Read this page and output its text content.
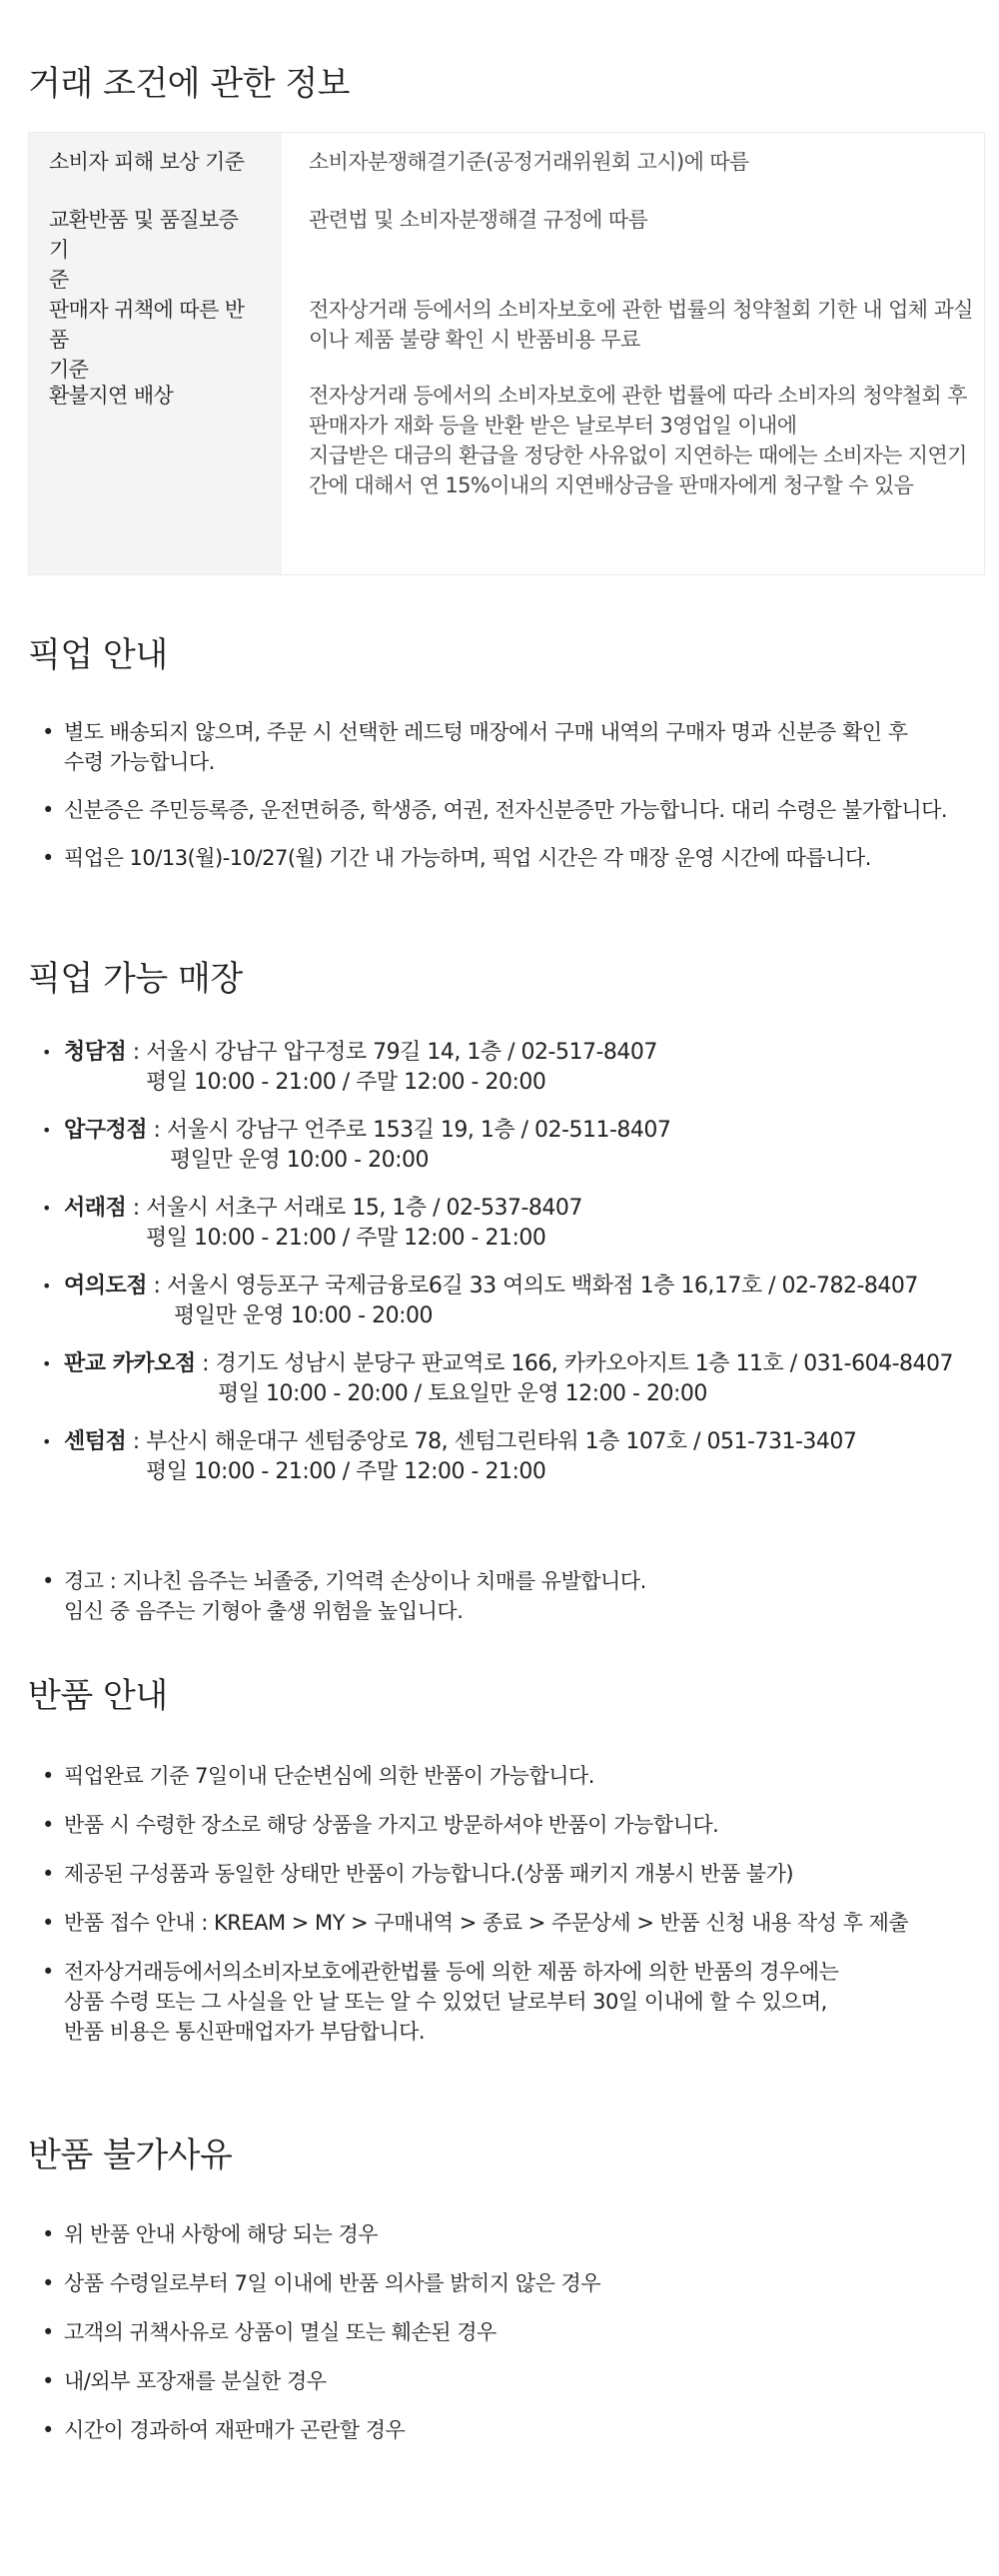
거래 조건에 관한 정보
소비자 피해 보상 기준	소비자분쟁해결기준(공정거래위원회 고시)에 따름
교환반품 및 품질보증 기
준
관련법 및 소비자분쟁해결 규정에 따름
판매자 귀책에 따른 반품
기준
전자상거래 등에서의 소비자보호에 관한 법률의 청약철회 기한 내 업체 과실
이나 제품 불량 확인 시 반품비용 무료
환불지연 배상	전자상거래 등에서의 소비자보호에 관한 법률에 따라 소비자의 청약철회 후
판매자가 재화 등을 반환 받은 날로부터 3영업일 이내에
지급받은 대금의 환급을 정당한 사유없이 지연하는 때에는 소비자는 지연기
간에 대해서 연 15%이내의 지연배상금을 판매자에게 청구할 수 있음
픽업 안내
• 별도 배송되지 않으며, 주문 시 선택한 레드텅 매장에서 구매 내역의 구매자 명과 신분증 확인 후
수령 가능합니다.
• 신분증은 주민등록증, 운전면허증, 학생증, 여권, 전자신분증만 가능합니다. 대리 수령은 불가합니다.
• 픽업은 10/13(월)-10/27(월) 기간 내 가능하며, 픽업 시간은 각 매장 운영 시간에 따릅니다.
픽업 가능 매장
• 청담점 : 서울시 강남구 압구정로 79길 14, 1층 / 02-517-8407
평일 10:00 - 21:00 / 주말 12:00 - 20:00
• 압구정점 : 서울시 강남구 언주로 153길 19, 1층 / 02-511-8407
평일만 운영 10:00 - 20:00
• 서래점 : 서울시 서초구 서래로 15, 1층 / 02-537-8407
평일 10:00 - 21:00 / 주말 12:00 - 21:00
• 여의도점 : 서울시 영등포구 국제금융로6길 33 여의도 백화점 1층 16,17호 / 02-782-8407
평일만 운영 10:00 - 20:00
• 판교 카카오점 : 경기도 성남시 분당구 판교역로 166, 카카오아지트 1층 11호 / 031-604-8407
평일 10:00 - 20:00 / 토요일만 운영 12:00 - 20:00
• 센텀점 : 부산시 해운대구 센텀중앙로 78, 센텀그린타워 1층 107호 / 051-731-3407
평일 10:00 - 21:00 / 주말 12:00 - 21:00
• 경고 : 지나친 음주는 뇌졸중, 기억력 손상이나 치매를 유발합니다.
임신 중 음주는 기형아 출생 위험을 높입니다.
반품 안내
• 픽업완료 기준 7일이내 단순변심에 의한 반품이 가능합니다.
• 반품 시 수령한 장소로 해당 상품을 가지고 방문하셔야 반품이 가능합니다.
• 제공된 구성품과 동일한 상태만 반품이 가능합니다.(상품 패키지 개봉시 반품 불가)
• 반품 접수 안내 : KREAM > MY > 구매내역 > 종료 > 주문상세 > 반품 신청 내용 작성 후 제출
• 전자상거래등에서의소비자보호에관한법률 등에 의한 제품 하자에 의한 반품의 경우에는
상품 수령 또는 그 사실을 안 날 또는 알 수 있었던 날로부터 30일 이내에 할 수 있으며,
반품 비용은 통신판매업자가 부담합니다.
반품 불가사유
• 위 반품 안내 사항에 해당 되는 경우
• 상품 수령일로부터 7일 이내에 반품 의사를 밝히지 않은 경우
• 고객의 귀책사유로 상품이 멸실 또는 훼손된 경우
• 내/외부 포장재를 분실한 경우
• 시간이 경과하여 재판매가 곤란할 경우
